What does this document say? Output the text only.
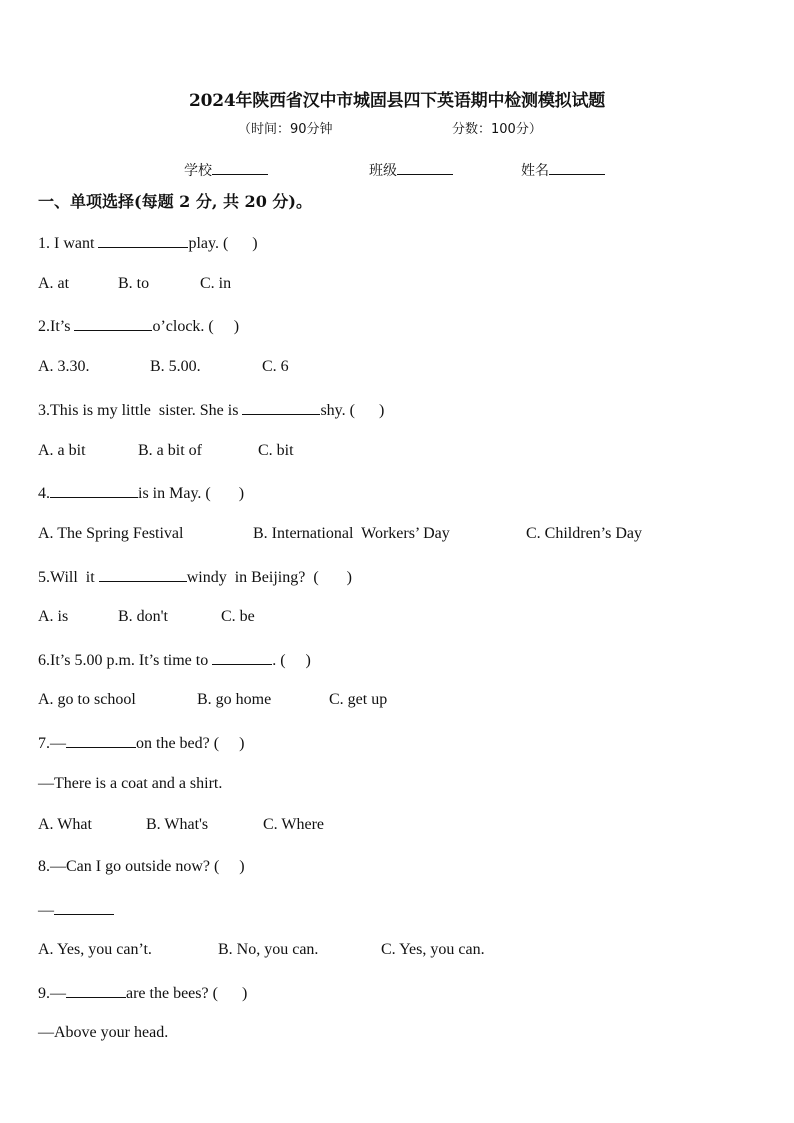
2024年陕西省汉中市城固县四下英语期中检测模拟试题
（时间：90分钟	分数：100分）
学校	班级	姓名
一、单项选择(每题 2 分, 共 20 分)。
1. I want	play. (      )
A. at	B. to	C. in
2.It’s	o’clock. (     )
A. 3.30.	B. 5.00.	C. 6
3.This is my little  sister. She is	shy. (      )
A. a bit	B. a bit of	C. bit
4.	is in May. (       )
A. The Spring Festival	B. International  Workers’ Day	C. Children’s Day
5.Will  it	windy  in Beijing?  (       )
A. is	B. don't	C. be
6.It’s 5.00 p.m. It’s time to	. (     )
A. go to school	B. go home	C. get up
7.—	on the bed? (     )
—There is a coat and a shirt.
A. What	B. What's	C. Where
8.—Can I go outside now? (     )
—
A. Yes, you can’t.	B. No, you can.	C. Yes, you can.
9.—	are the bees? (      )
—Above your head.
